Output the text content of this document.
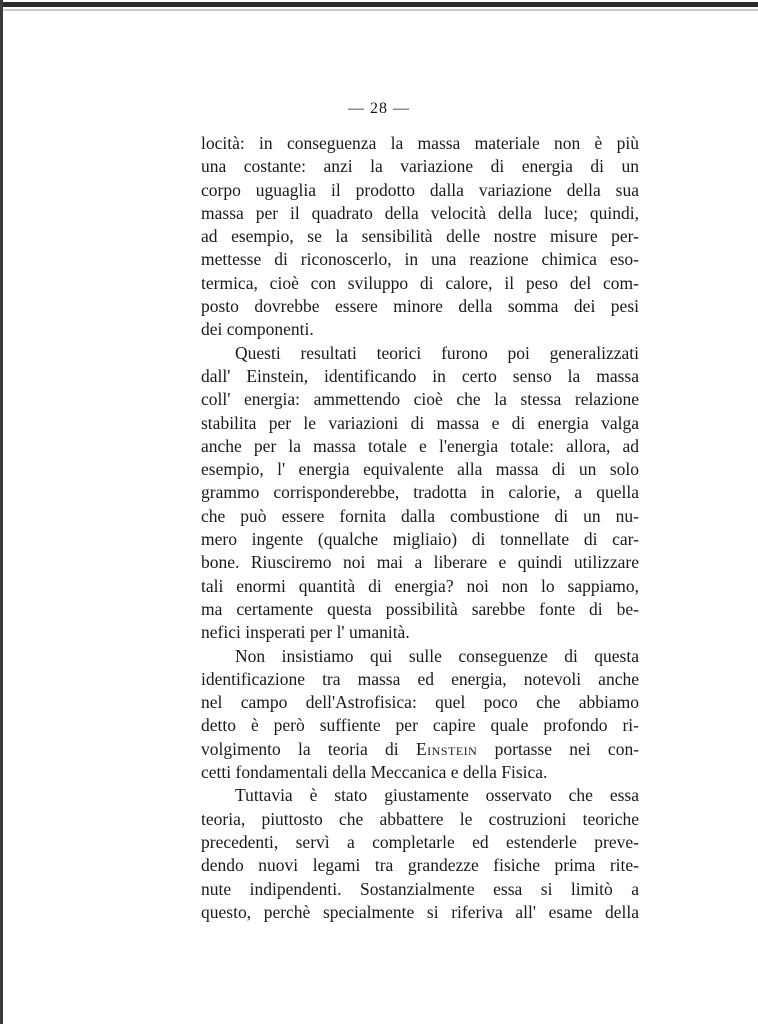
— 28 —
locità: in conseguenza la massa materiale non è più
una costante: anzi la variazione di energia di un
corpo uguaglia il prodotto dalla variazione della sua
massa per il quadrato della velocità della luce; quindi,
ad esempio, se la sensibilità delle nostre misure per-
mettesse di riconoscerlo, in una reazione chimica eso-
termica, cioè con sviluppo di calore, il peso del com-
posto dovrebbe essere minore della somma dei pesi
dei componenti.
Questi resultati teorici furono poi generalizzati
dall' Einstein, identificando in certo senso la massa
coll' energia: ammettendo cioè che la stessa relazione
stabilita per le variazioni di massa e di energia valga
anche per la massa totale e l'energia totale: allora, ad
esempio, l' energia equivalente alla massa di un solo
grammo corrisponderebbe, tradotta in calorie, a quella
che può essere fornita dalla combustione di un nu-
mero ingente (qualche migliaio) di tonnellate di car-
bone. Riusciremo noi mai a liberare e quindi utilizzare
tali enormi quantità di energia? noi non lo sappiamo,
ma certamente questa possibilità sarebbe fonte di be-
nefici insperati per l' umanità.
Non insistiamo qui sulle conseguenze di questa
identificazione tra massa ed energia, notevoli anche
nel campo dell'Astrofisica: quel poco che abbiamo
detto è però suffiente per capire quale profondo ri-
volgimento la teoria di Einstein portasse nei con-
cetti fondamentali della Meccanica e della Fisica.
Tuttavia è stato giustamente osservato che essa
teoria, piuttosto che abbattere le costruzioni teoriche
precedenti, servì a completarle ed estenderle preve-
dendo nuovi legami tra grandezze fisiche prima rite-
nute indipendenti. Sostanzialmente essa si limitò a
questo, perchè specialmente si riferiva all' esame della
